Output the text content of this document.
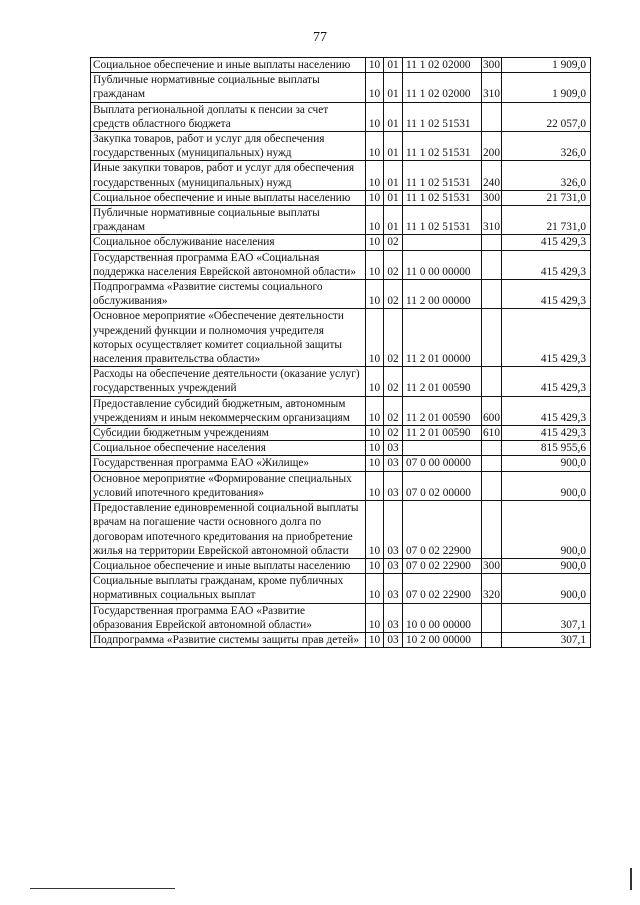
77
Социальное обеспечение и иные выплаты населению	10	01	11 1 02 02000	300	1 909,0
Публичные нормативные социальные выплаты гражданам	10	01	11 1 02 02000	310	1 909,0
Выплата региональной доплаты к пенсии за счет средств областного бюджета	10	01	11 1 02 51531		22 057,0
Закупка товаров, работ и услуг для обеспечения государственных (муниципальных) нужд	10	01	11 1 02 51531	200	326,0
Иные закупки товаров, работ и услуг для обеспечения государственных (муниципальных) нужд	10	01	11 1 02 51531	240	326,0
Социальное обеспечение и иные выплаты населению	10	01	11 1 02 51531	300	21 731,0
Публичные нормативные социальные выплаты гражданам	10	01	11 1 02 51531	310	21 731,0
Социальное обслуживание населения	10	02			415 429,3
Государственная программа ЕАО «Социальная поддержка населения Еврейской автономной области»	10	02	11 0 00 00000		415 429,3
Подпрограмма «Развитие системы социального обслуживания»	10	02	11 2 00 00000		415 429,3
Основное мероприятие «Обеспечение деятельности учреждений функции и полномочия учредителя которых осуществляет комитет социальной защиты населения правительства области»	10	02	11 2 01 00000		415 429,3
Расходы на обеспечение деятельности (оказание услуг) государственных учреждений	10	02	11 2 01 00590		415 429,3
Предоставление субсидий бюджетным, автономным учреждениям и иным некоммерческим организациям	10	02	11 2 01 00590	600	415 429,3
Субсидии бюджетным учреждениям	10	02	11 2 01 00590	610	415 429,3
Социальное обеспечение населения	10	03			815 955,6
Государственная программа ЕАО «Жилище»	10	03	07 0 00 00000		900,0
Основное мероприятие «Формирование специальных условий ипотечного кредитования»	10	03	07 0 02 00000		900,0
Предоставление единовременной социальной выплаты врачам на погашение части основного долга по договорам ипотечного кредитования на приобретение жилья на территории Еврейской автономной области	10	03	07 0 02 22900		900,0
Социальное обеспечение и иные выплаты населению	10	03	07 0 02 22900	300	900,0
Социальные выплаты гражданам, кроме публичных нормативных социальных выплат	10	03	07 0 02 22900	320	900,0
Государственная программа ЕАО «Развитие образования Еврейской автономной области»	10	03	10 0 00 00000		307,1
Подпрограмма «Развитие системы защиты прав детей»	10	03	10 2 00 00000		307,1
